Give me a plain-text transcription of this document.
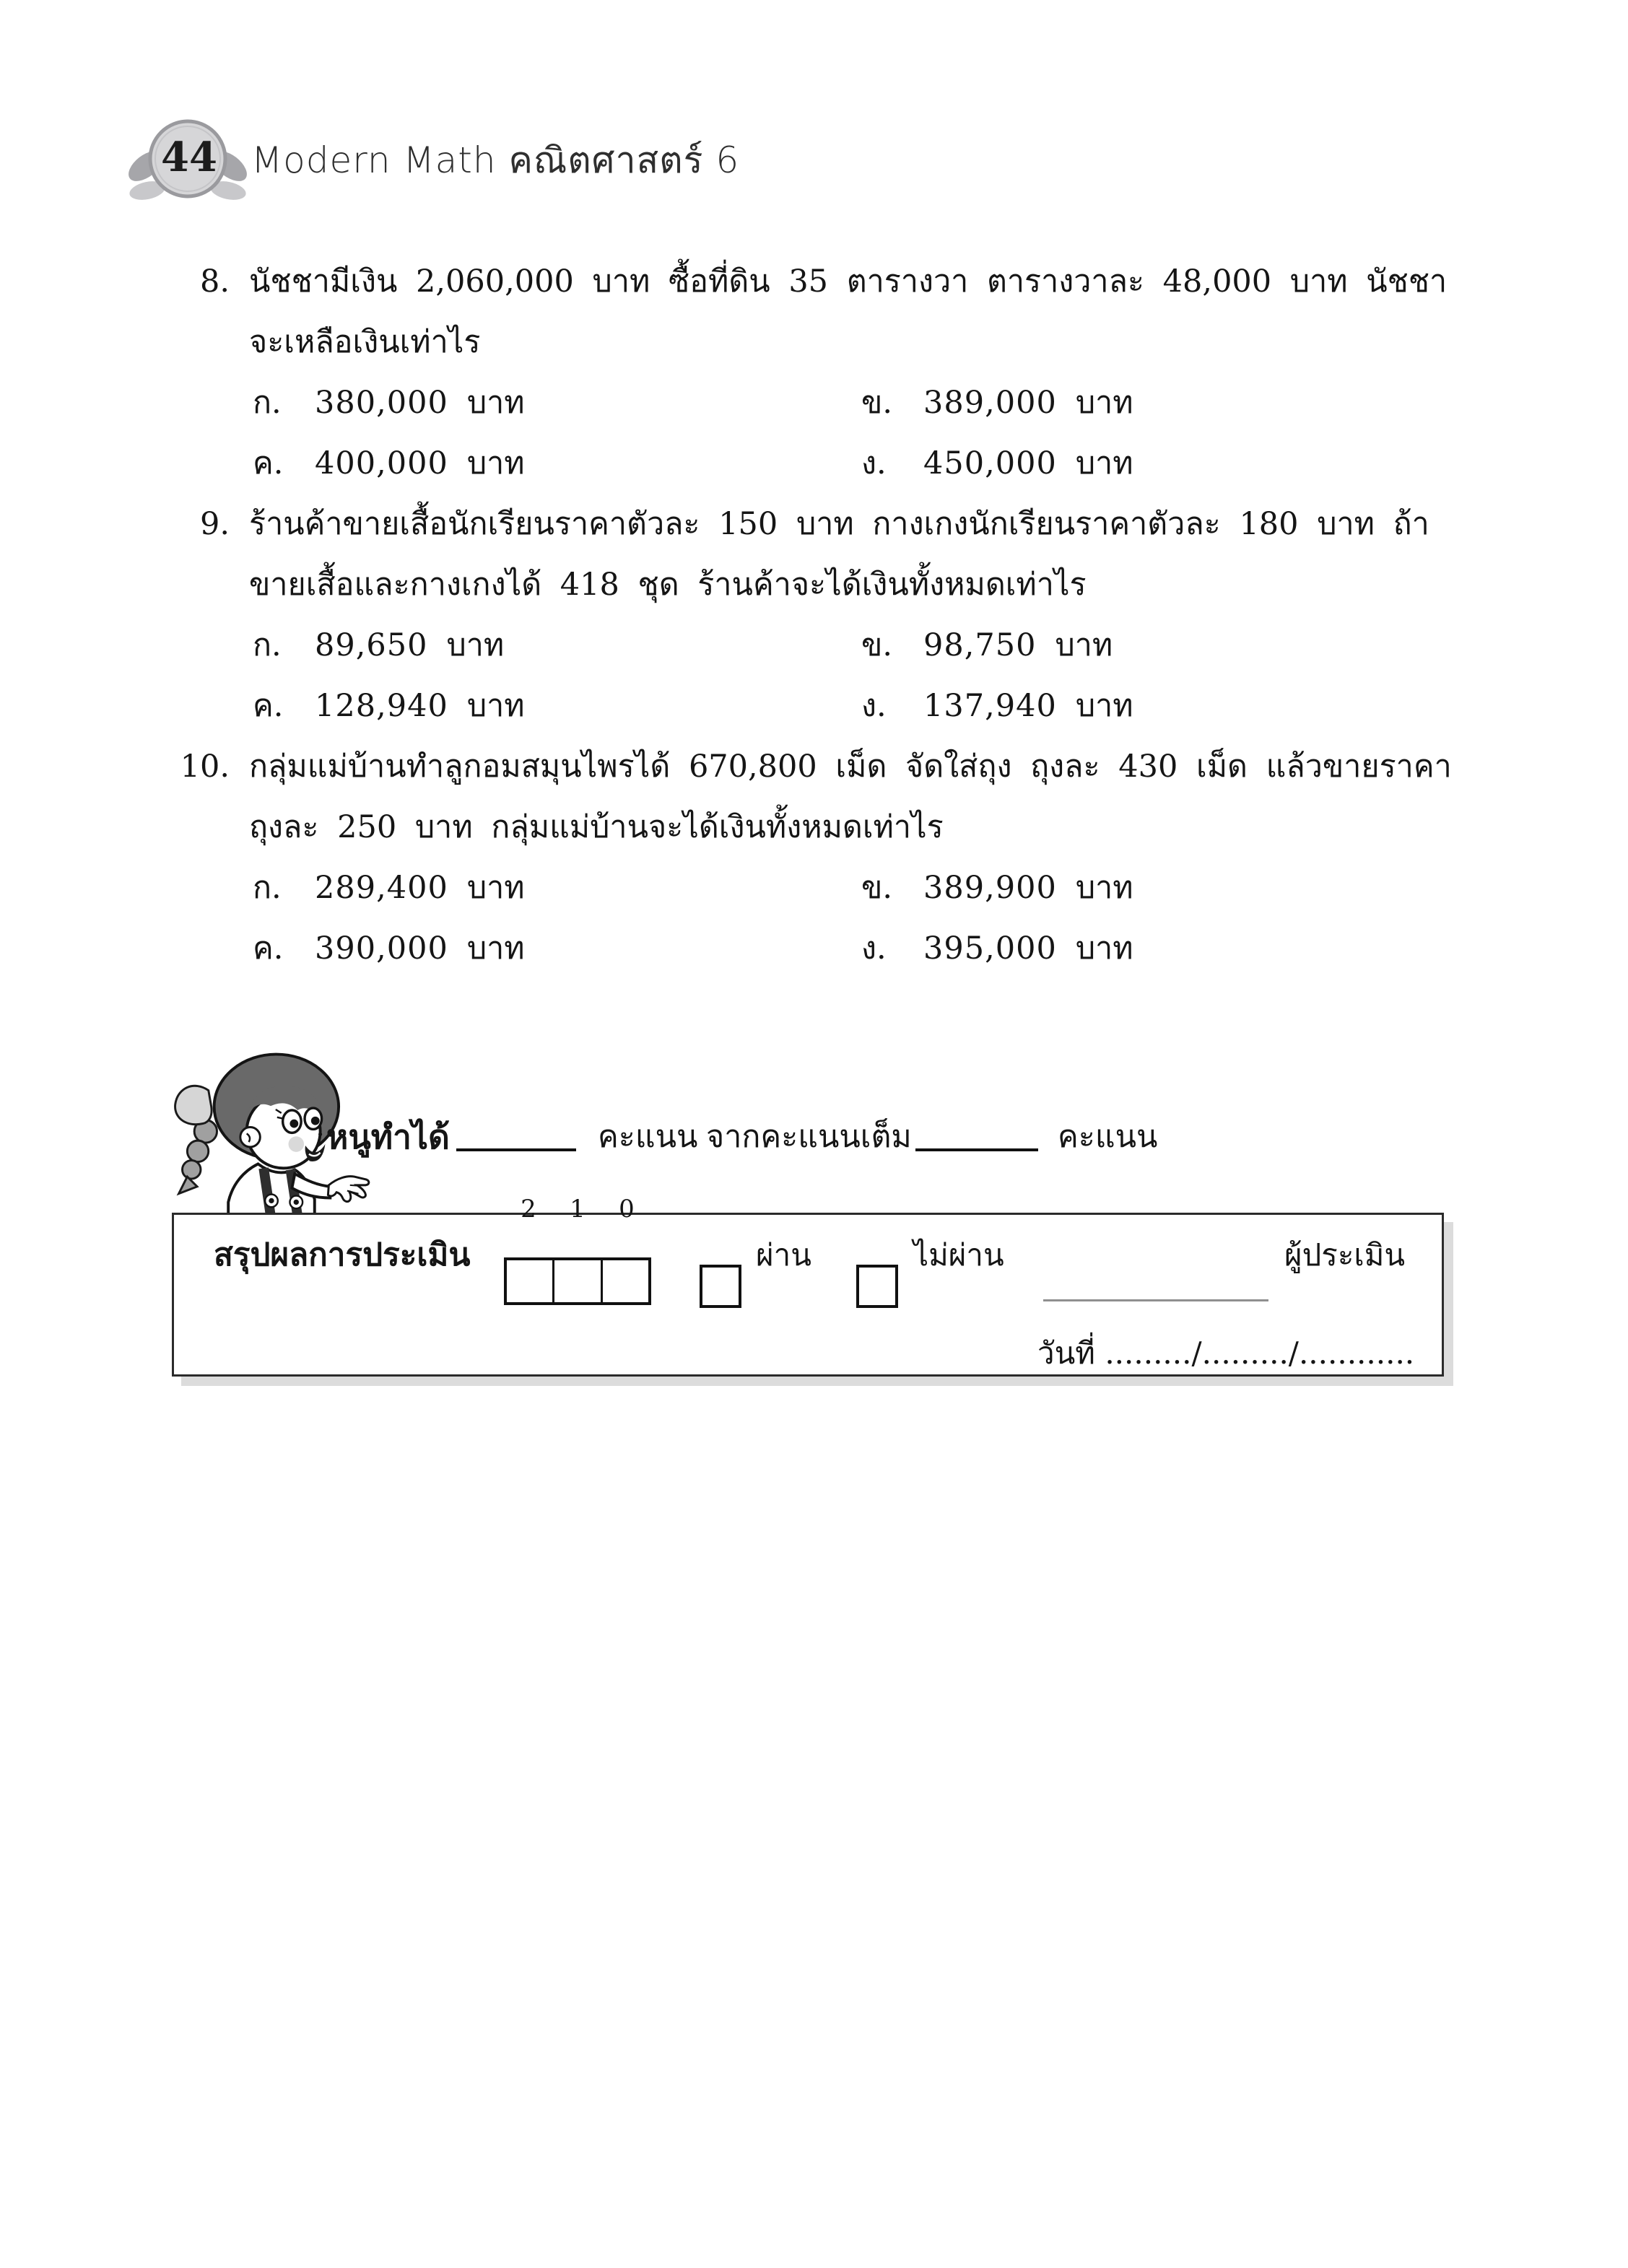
44 Modern Math คณิตศาสตร์ 6
8. นัชชามีเงิน 2,060,000 บาท ซื้อที่ดิน 35 ตารางวา ตารางวาละ 48,000 บาท นัชชา
จะเหลือเงินเท่าไร
ก. 380,000 บาท	ข. 389,000 บาท
ค. 400,000 บาท	ง. 450,000 บาท
9. ร้านค้าขายเสื้อนักเรียนราคาตัวละ 150 บาท กางเกงนักเรียนราคาตัวละ 180 บาท ถ้า
ขายเสื้อและกางเกงได้ 418 ชุด ร้านค้าจะได้เงินทั้งหมดเท่าไร
ก. 89,650 บาท	ข. 98,750 บาท
ค. 128,940 บาท	ง. 137,940 บาท
10. กลุ่มแม่บ้านทำลูกอมสมุนไพรได้ 670,800 เม็ด จัดใส่ถุง ถุงละ 430 เม็ด แล้วขายราคา
ถุงละ 250 บาท กลุ่มแม่บ้านจะได้เงินทั้งหมดเท่าไร
ก. 289,400 บาท	ข. 389,900 บาท
ค. 390,000 บาท	ง. 395,000 บาท
หนูทำได้	คะแนน จากคะแนนเต็ม	คะแนน
สรุปผลการประเมิน
2	1	0
ผ่าน	ไม่ผ่าน	ผู้ประเมิน
วันที่ ........./........./............
